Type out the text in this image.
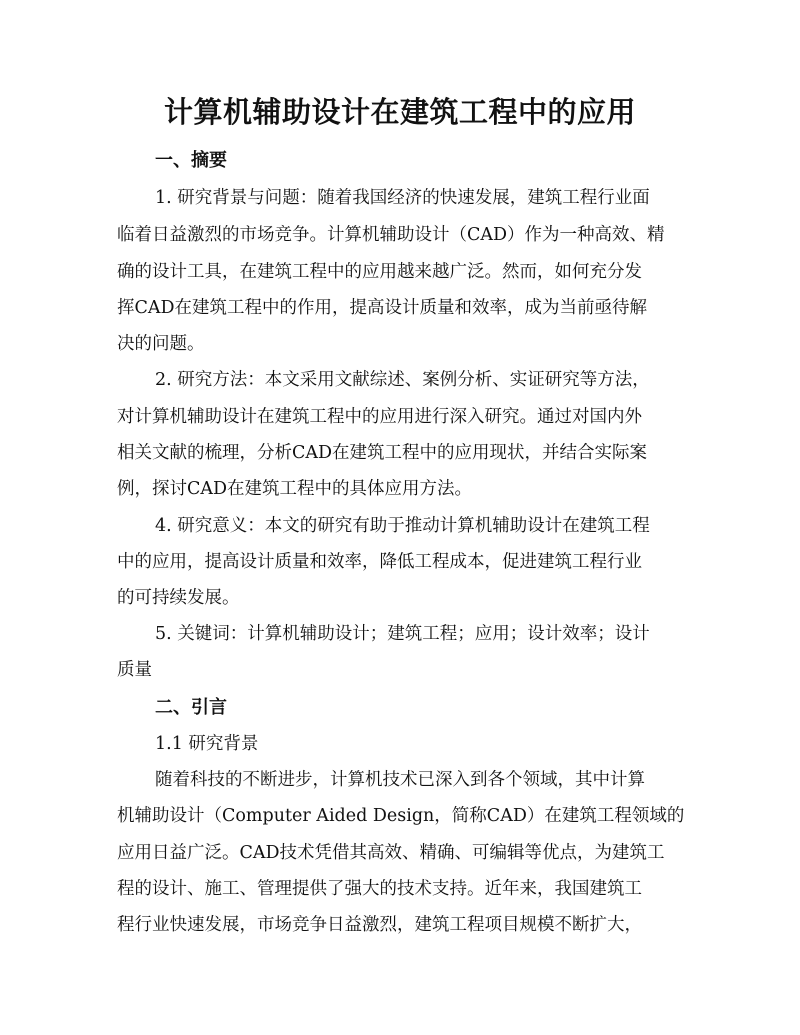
计算机辅助设计在建筑工程中的应用
一、摘要
1. 研究背景与问题：随着我国经济的快速发展，建筑工程行业面
临着日益激烈的市场竞争。计算机辅助设计（CAD）作为一种高效、精
确的设计工具，在建筑工程中的应用越来越广泛。然而，如何充分发
挥CAD在建筑工程中的作用，提高设计质量和效率，成为当前亟待解
决的问题。
2. 研究方法：本文采用文献综述、案例分析、实证研究等方法，
对计算机辅助设计在建筑工程中的应用进行深入研究。通过对国内外
相关文献的梳理，分析CAD在建筑工程中的应用现状，并结合实际案
例，探讨CAD在建筑工程中的具体应用方法。
4. 研究意义：本文的研究有助于推动计算机辅助设计在建筑工程
中的应用，提高设计质量和效率，降低工程成本，促进建筑工程行业
的可持续发展。
5. 关键词：计算机辅助设计；建筑工程；应用；设计效率；设计
质量
二、引言
1.1 研究背景
随着科技的不断进步，计算机技术已深入到各个领域，其中计算
机辅助设计（Computer Aided Design，简称CAD）在建筑工程领域的
应用日益广泛。CAD技术凭借其高效、精确、可编辑等优点，为建筑工
程的设计、施工、管理提供了强大的技术支持。近年来，我国建筑工
程行业快速发展，市场竞争日益激烈，建筑工程项目规模不断扩大，
